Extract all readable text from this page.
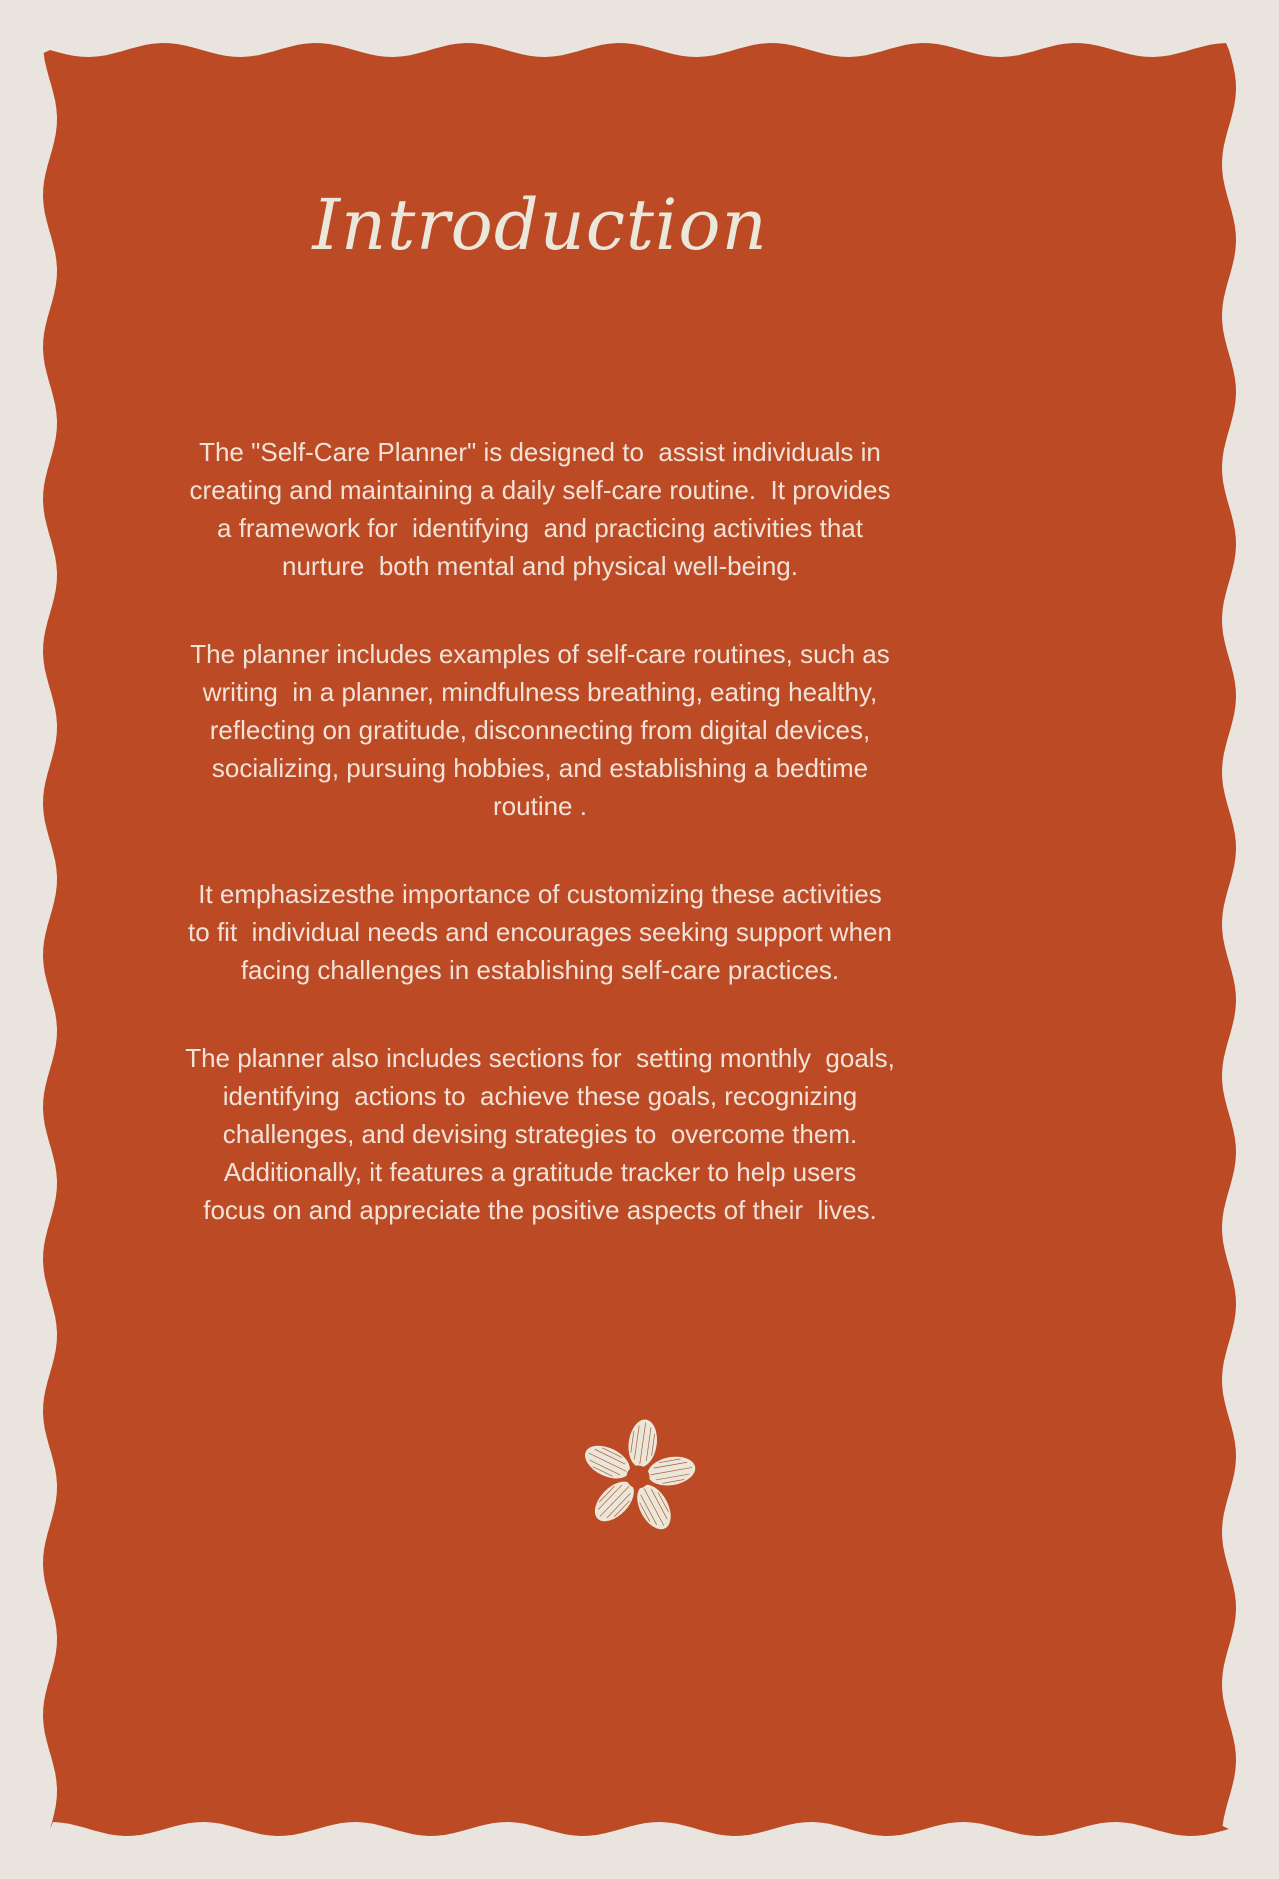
Introduction
The "Self-Care Planner" is designed to  assist individuals in
creating and maintaining a daily self-care routine.  It provides
a framework for  identifying  and practicing activities that
nurture  both mental and physical well-being.
The planner includes examples of self-care routines, such as
writing  in a planner, mindfulness breathing, eating healthy,
reflecting on gratitude, disconnecting from digital devices,
socializing, pursuing hobbies, and establishing a bedtime
routine .
It emphasizesthe importance of customizing these activities
to fit  individual needs and encourages seeking support when
facing challenges in establishing self-care practices.
The planner also includes sections for  setting monthly  goals,
identifying  actions to  achieve these goals, recognizing
challenges, and devising strategies to  overcome them.
Additionally, it features a gratitude tracker to help users
focus on and appreciate the positive aspects of their  lives.
